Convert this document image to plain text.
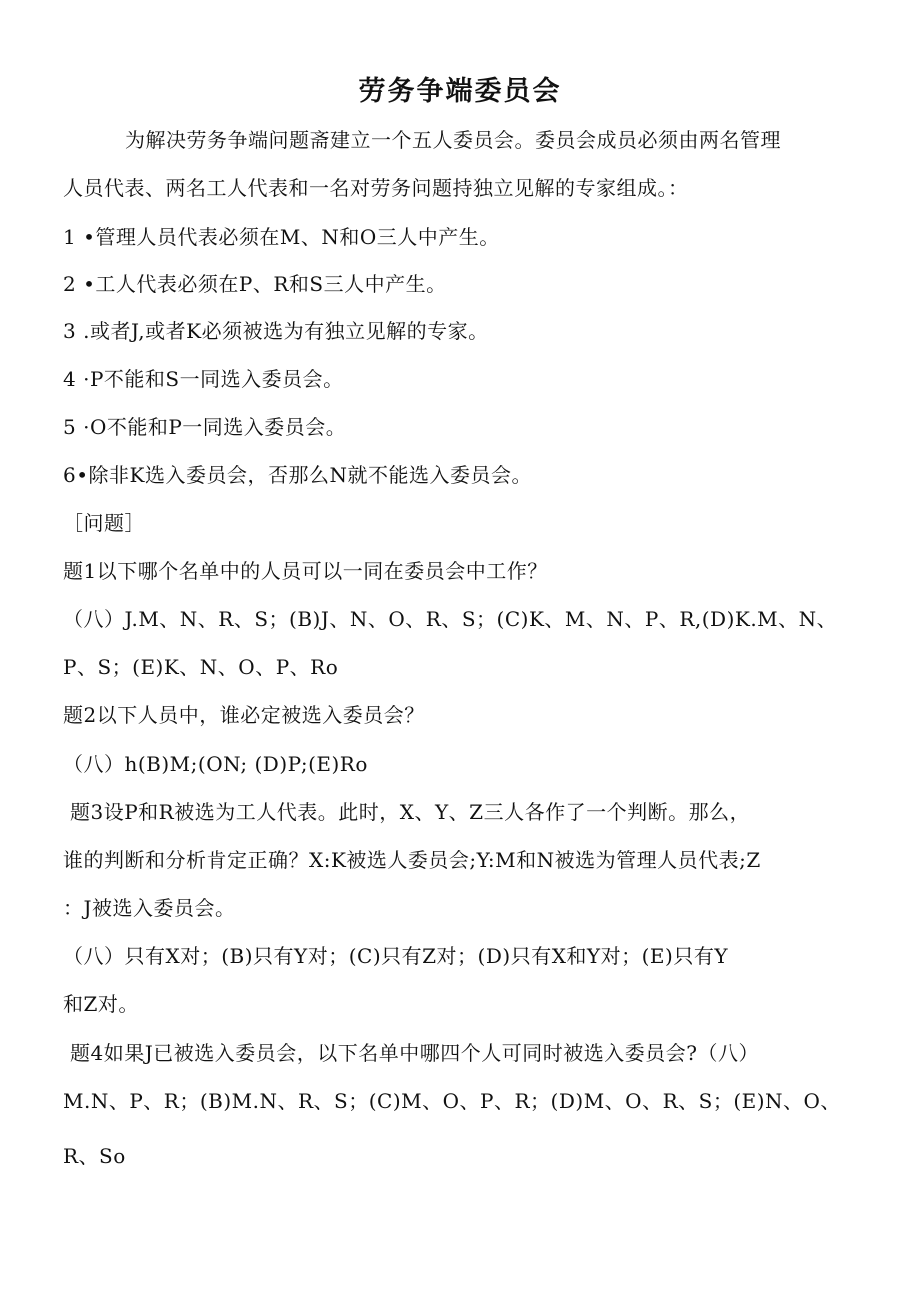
劳务争端委员会
为解决劳务争端问题斋建立一个五人委员会。委员会成员必须由两名管理
人员代表、两名工人代表和一名对劳务问题持独立见解的专家组成。：
1 •管理人员代表必须在M、N和O三人中产生。
2 •工人代表必须在P、R和S三人中产生。
3 .或者J,或者K必须被选为有独立见解的专家。
4 ·P不能和S一同选入委员会。
5 ·O不能和P一同选入委员会。
6•除非K选入委员会，否那么N就不能选入委员会。
［问题］
题1以下哪个名单中的人员可以一同在委员会中工作？
（八）J.M、N、R、S；(B)J、N、O、R、S；(C)K、M、N、P、R,(D)K.M、N、
P、S；(E)K、N、O、P、Ro
题2以下人员中，谁必定被选入委员会？
（八）h(B)M;(ON; (D)P;(E)Ro
题3设P和R被选为工人代表。此时，X、Y、Z三人各作了一个判断。那么，
谁的判断和分析肯定正确？X:K被选人委员会;Y:M和N被选为管理人员代表;Z
：J被选入委员会。
（八）只有X对；(B)只有Y对；(C)只有Z对；(D)只有X和Y对；(E)只有Y
和Z对。
题4如果J已被选入委员会，以下名单中哪四个人可同时被选入委员会?（八）
M.N、P、R；(B)M.N、R、S；(C)M、O、P、R；(D)M、O、R、S；(E)N、O、
R、So
